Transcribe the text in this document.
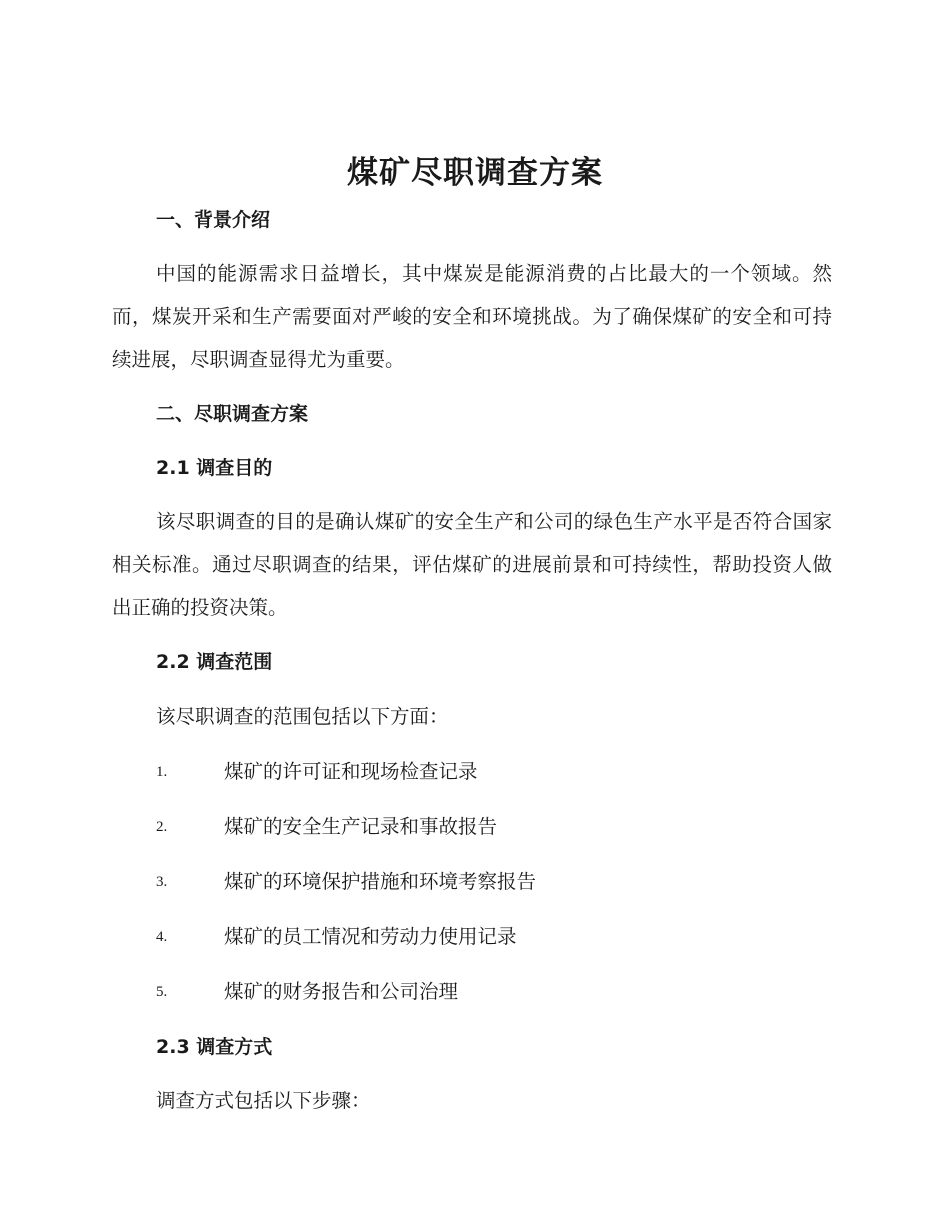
煤矿尽职调查方案
一、背景介绍

中国的能源需求日益增长，其中煤炭是能源消费的占比最大的一个领域。然而，煤炭开采和生产需要面对严峻的安全和环境挑战。为了确保煤矿的安全和可持续进展，尽职调查显得尤为重要。

二、尽职调查方案
2.1 调查目的

该尽职调查的目的是确认煤矿的安全生产和公司的绿色生产水平是否符合国家相关标准。通过尽职调查的结果，评估煤矿的进展前景和可持续性，帮助投资人做出正确的投资决策。

2.2 调查范围

该尽职调查的范围包括以下方面：

1.	煤矿的许可证和现场检查记录
2.	煤矿的安全生产记录和事故报告
3.	煤矿的环境保护措施和环境考察报告
4.	煤矿的员工情况和劳动力使用记录
5.	煤矿的财务报告和公司治理
2.3 调查方式

调查方式包括以下步骤：
